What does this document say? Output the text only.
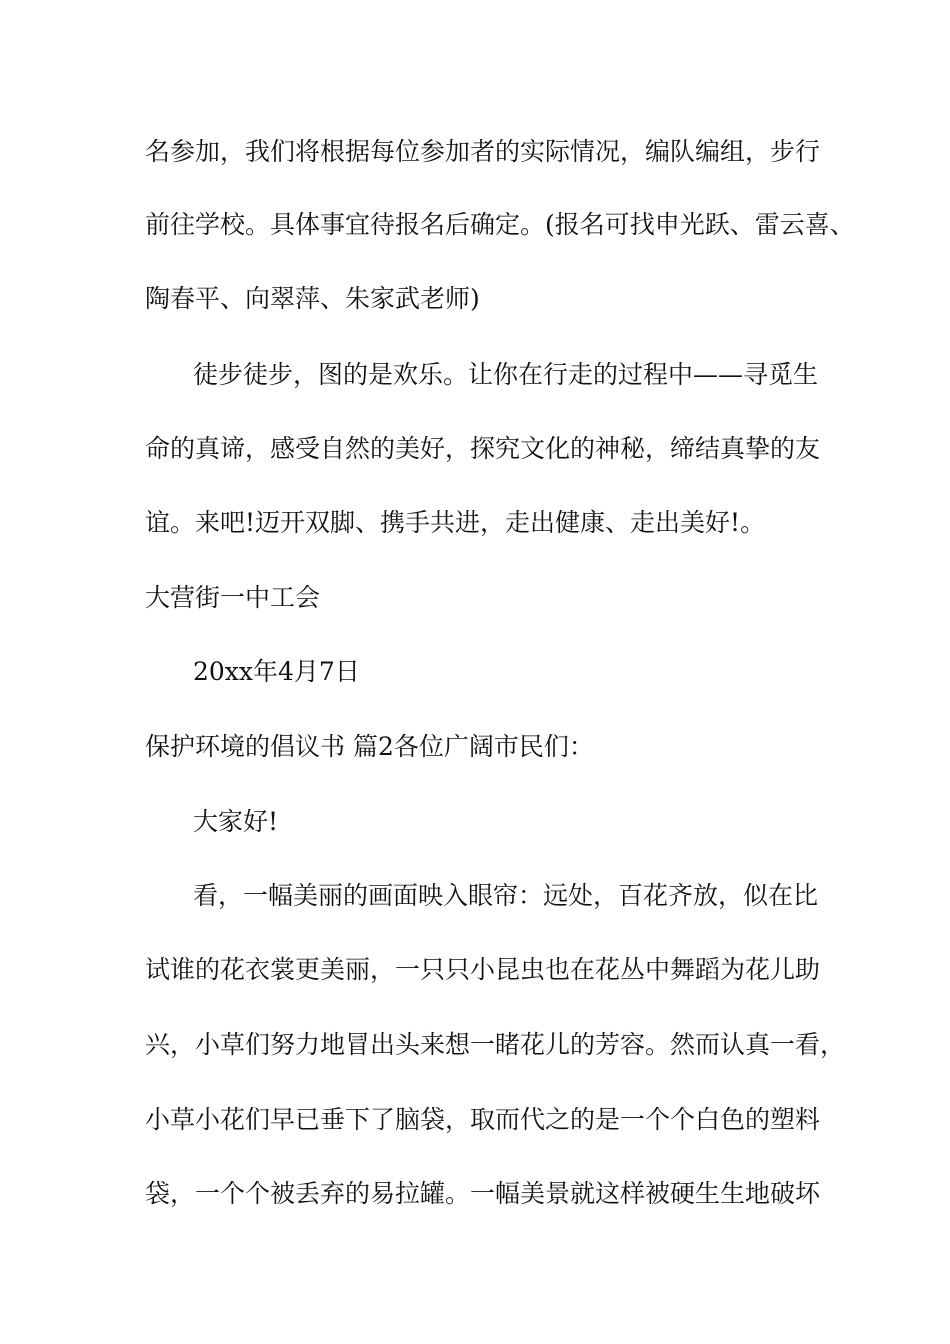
名参加，我们将根据每位参加者的实际情况，编队编组，步行
前往学校。具体事宜待报名后确定。(报名可找申光跃、雷云喜、
陶春平、向翠萍、朱家武老师)
徒步徒步，图的是欢乐。让你在行走的过程中——寻觅生
命的真谛，感受自然的美好，探究文化的神秘，缔结真挚的友
谊。来吧!迈开双脚、携手共进，走出健康、走出美好!。
大营街一中工会
20xx年4月7日
保护环境的倡议书 篇2各位广阔市民们：
大家好!
看，一幅美丽的画面映入眼帘：远处，百花齐放，似在比
试谁的花衣裳更美丽，一只只小昆虫也在花丛中舞蹈为花儿助
兴，小草们努力地冒出头来想一睹花儿的芳容。然而认真一看，
小草小花们早已垂下了脑袋，取而代之的是一个个白色的塑料
袋，一个个被丢弃的易拉罐。一幅美景就这样被硬生生地破坏
